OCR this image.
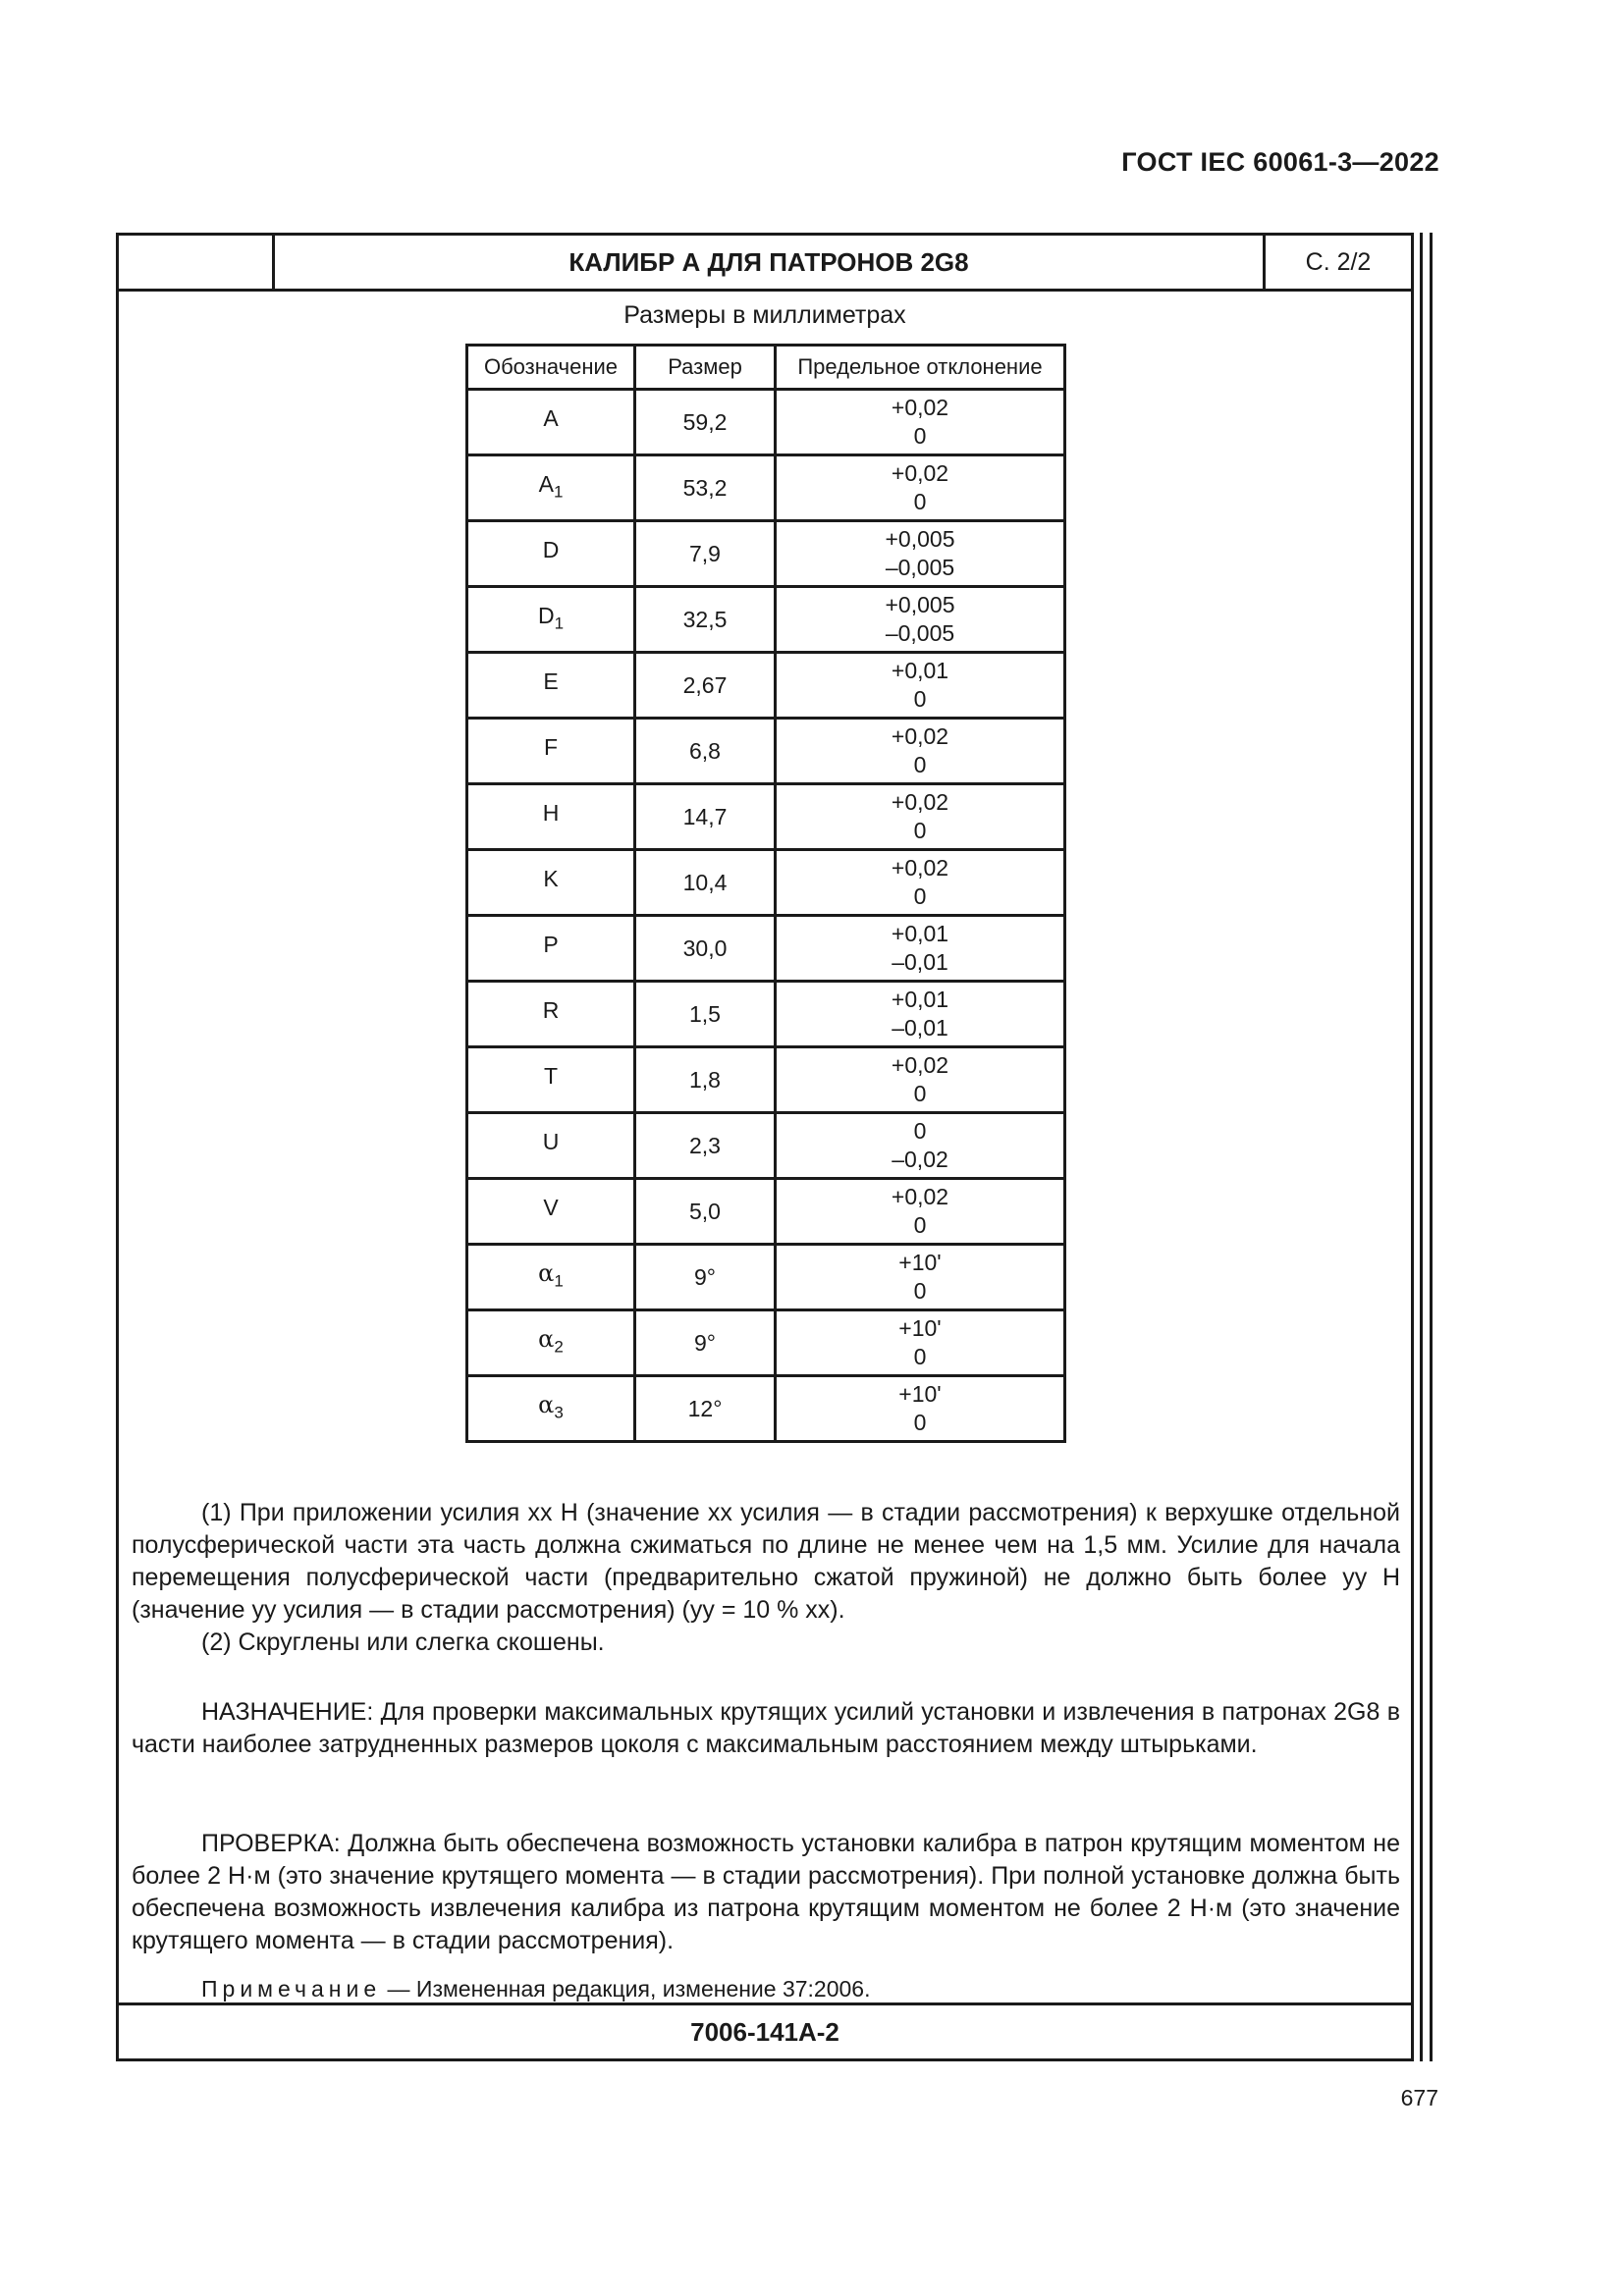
ГОСТ IEC 60061-3—2022
КАЛИБР А ДЛЯ ПАТРОНОВ 2G8	С. 2/2
7006-141А-2
Размеры в миллиметрах
Обозначение	Размер	Предельное отклонение
A	59,2	+0,02
0

$A_1$	53,2	+0,02
0

D	7,9	+0,005
–0,005

$D_1$	32,5	+0,005
–0,005

E	2,67	+0,01
0

F	6,8	+0,02
0

H	14,7	+0,02
0

K	10,4	+0,02
0

P	30,0	+0,01
–0,01

R	1,5	+0,01
–0,01

T	1,8	+0,02
0

U	2,3	0
–0,02

V	5,0	+0,02
0

$\alpha_1$	9°	+10'
0

$\alpha_2$	9°	+10'
0

$\alpha_3$	12°	+10'
0

(1) При приложении усилия хх Н (значение хх усилия — в стадии рассмотрения) к верхушке отдельной полусферической части эта часть должна сжиматься по длине не менее чем на 1,5 мм. Усилие для начала перемещения полусферической части (предварительно сжатой пружиной) не должно быть более уу Н (значение уу усилия — в стадии рассмотрения) (уу = 10 % хх).

(2) Скруглены или слегка скошены.

НАЗНАЧЕНИЕ: Для проверки максимальных крутящих усилий установки и извлечения в патронах 2G8 в части наиболее затрудненных размеров цоколя с максимальным расстоянием между штырьками.

ПРОВЕРКА: Должна быть обеспечена возможность установки калибра в патрон крутящим моментом не более 2 Н·м (это значение крутящего момента — в стадии рассмотрения). При полной установке должна быть обеспечена возможность извлечения калибра из патрона крутящим моментом не более 2 Н·м (это значение крутящего момента — в стадии рассмотрения).

Примечание — Измененная редакция, изменение 37:2006.
677
